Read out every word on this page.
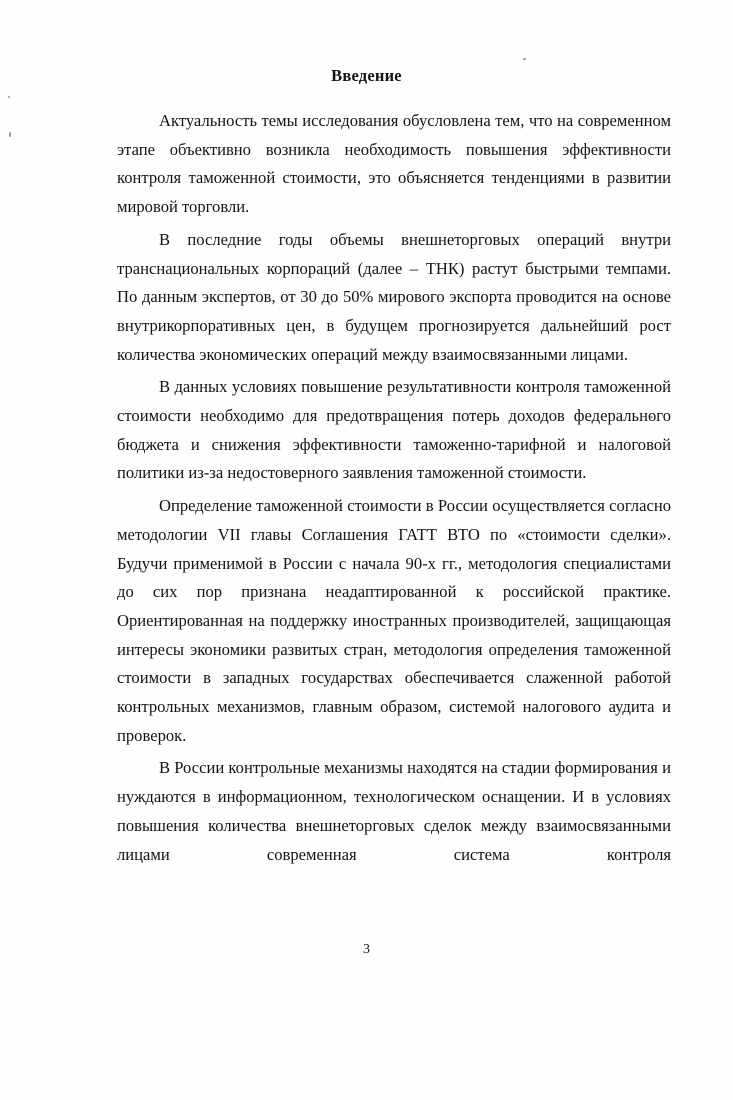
Введение

Актуальность темы исследования обусловлена тем, что на современном этапе объективно возникла необходимость повышения эффективности контроля таможенной стоимости, это объясняется тенденциями в развитии мировой торговли.

В последние годы объемы внешнеторговых операций внутри транснациональных корпораций (далее – ТНК) растут быстрыми темпами. По данным экспертов, от 30 до 50% мирового экспорта проводится на основе внутрикорпоративных цен, в будущем прогнозируется дальнейший рост количества экономических операций между взаимосвязанными лицами.

В данных условиях повышение результативности контроля таможенной стоимости необходимо для предотвращения потерь доходов федерального бюджета и снижения эффективности таможенно-тарифной и налоговой политики из-за недостоверного заявления таможенной стоимости.

Определение таможенной стоимости в России осуществляется согласно методологии VII главы Соглашения ГАТТ ВТО по «стоимости сделки». Будучи применимой в России с начала 90-х гг., методология специалистами до сих пор признана неадаптированной к российской практике. Ориентированная на поддержку иностранных производителей, защищающая интересы экономики развитых стран, методология определения таможенной стоимости в западных государствах обеспечивается слаженной работой контрольных механизмов, главным образом, системой налогового аудита и проверок.

В России контрольные механизмы находятся на стадии формирования и нуждаются в информационном, технологическом оснащении. И в условиях повышения количества внешнеторговых сделок между взаимосвязанными лицами современная система контроля

3
